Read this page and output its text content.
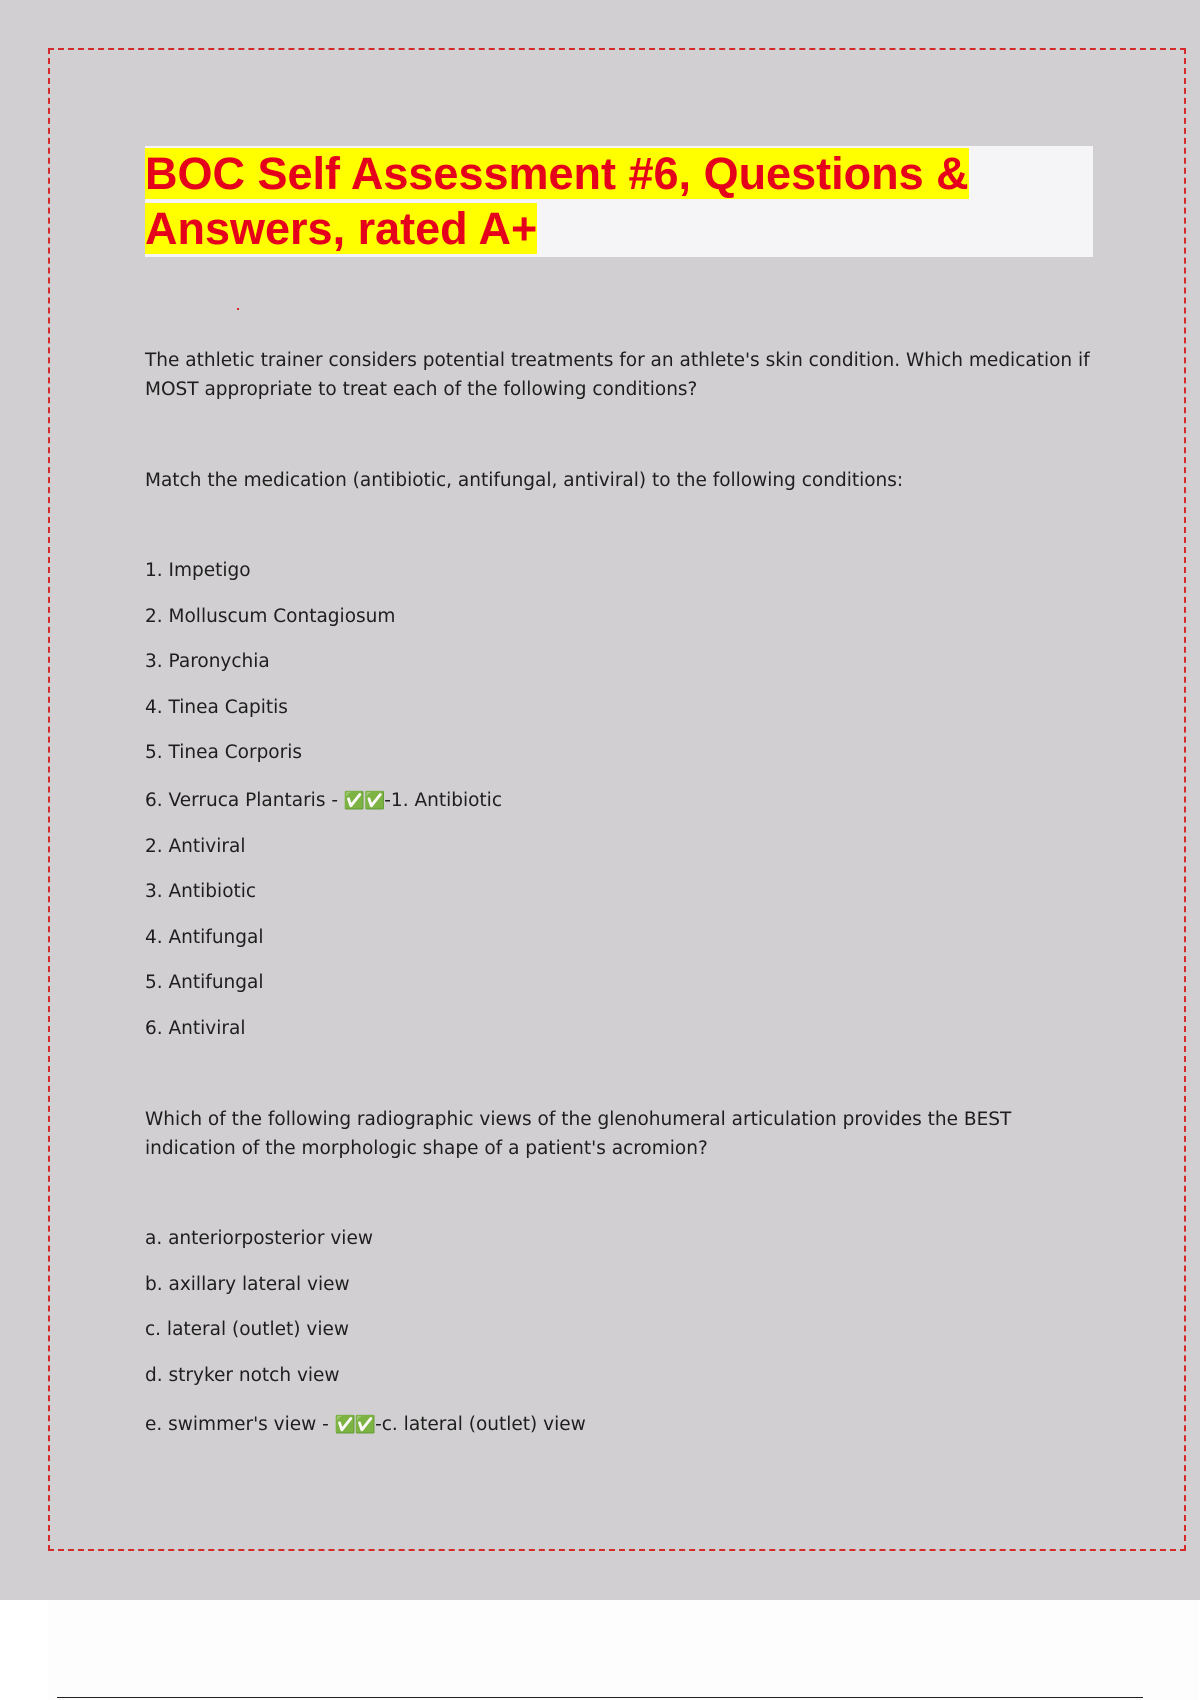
BOC Self Assessment #6, Questions &
Answers, rated A+

The athletic trainer considers potential treatments for an athlete's skin condition. Which medication if MOST appropriate to treat each of the following conditions?

Match the medication (antibiotic, antifungal, antiviral) to the following conditions:

1. Impetigo
2. Molluscum Contagiosum
3. Paronychia
4. Tinea Capitis
5. Tinea Corporis
6. Verruca Plantaris - ✅✅-1. Antibiotic
2. Antiviral
3. Antibiotic
4. Antifungal
5. Antifungal
6. Antiviral

Which of the following radiographic views of the glenohumeral articulation provides the BEST indication of the morphologic shape of a patient's acromion?

a. anteriorposterior view
b. axillary lateral view
c. lateral (outlet) view
d. stryker notch view
e. swimmer's view - ✅✅-c. lateral (outlet) view
